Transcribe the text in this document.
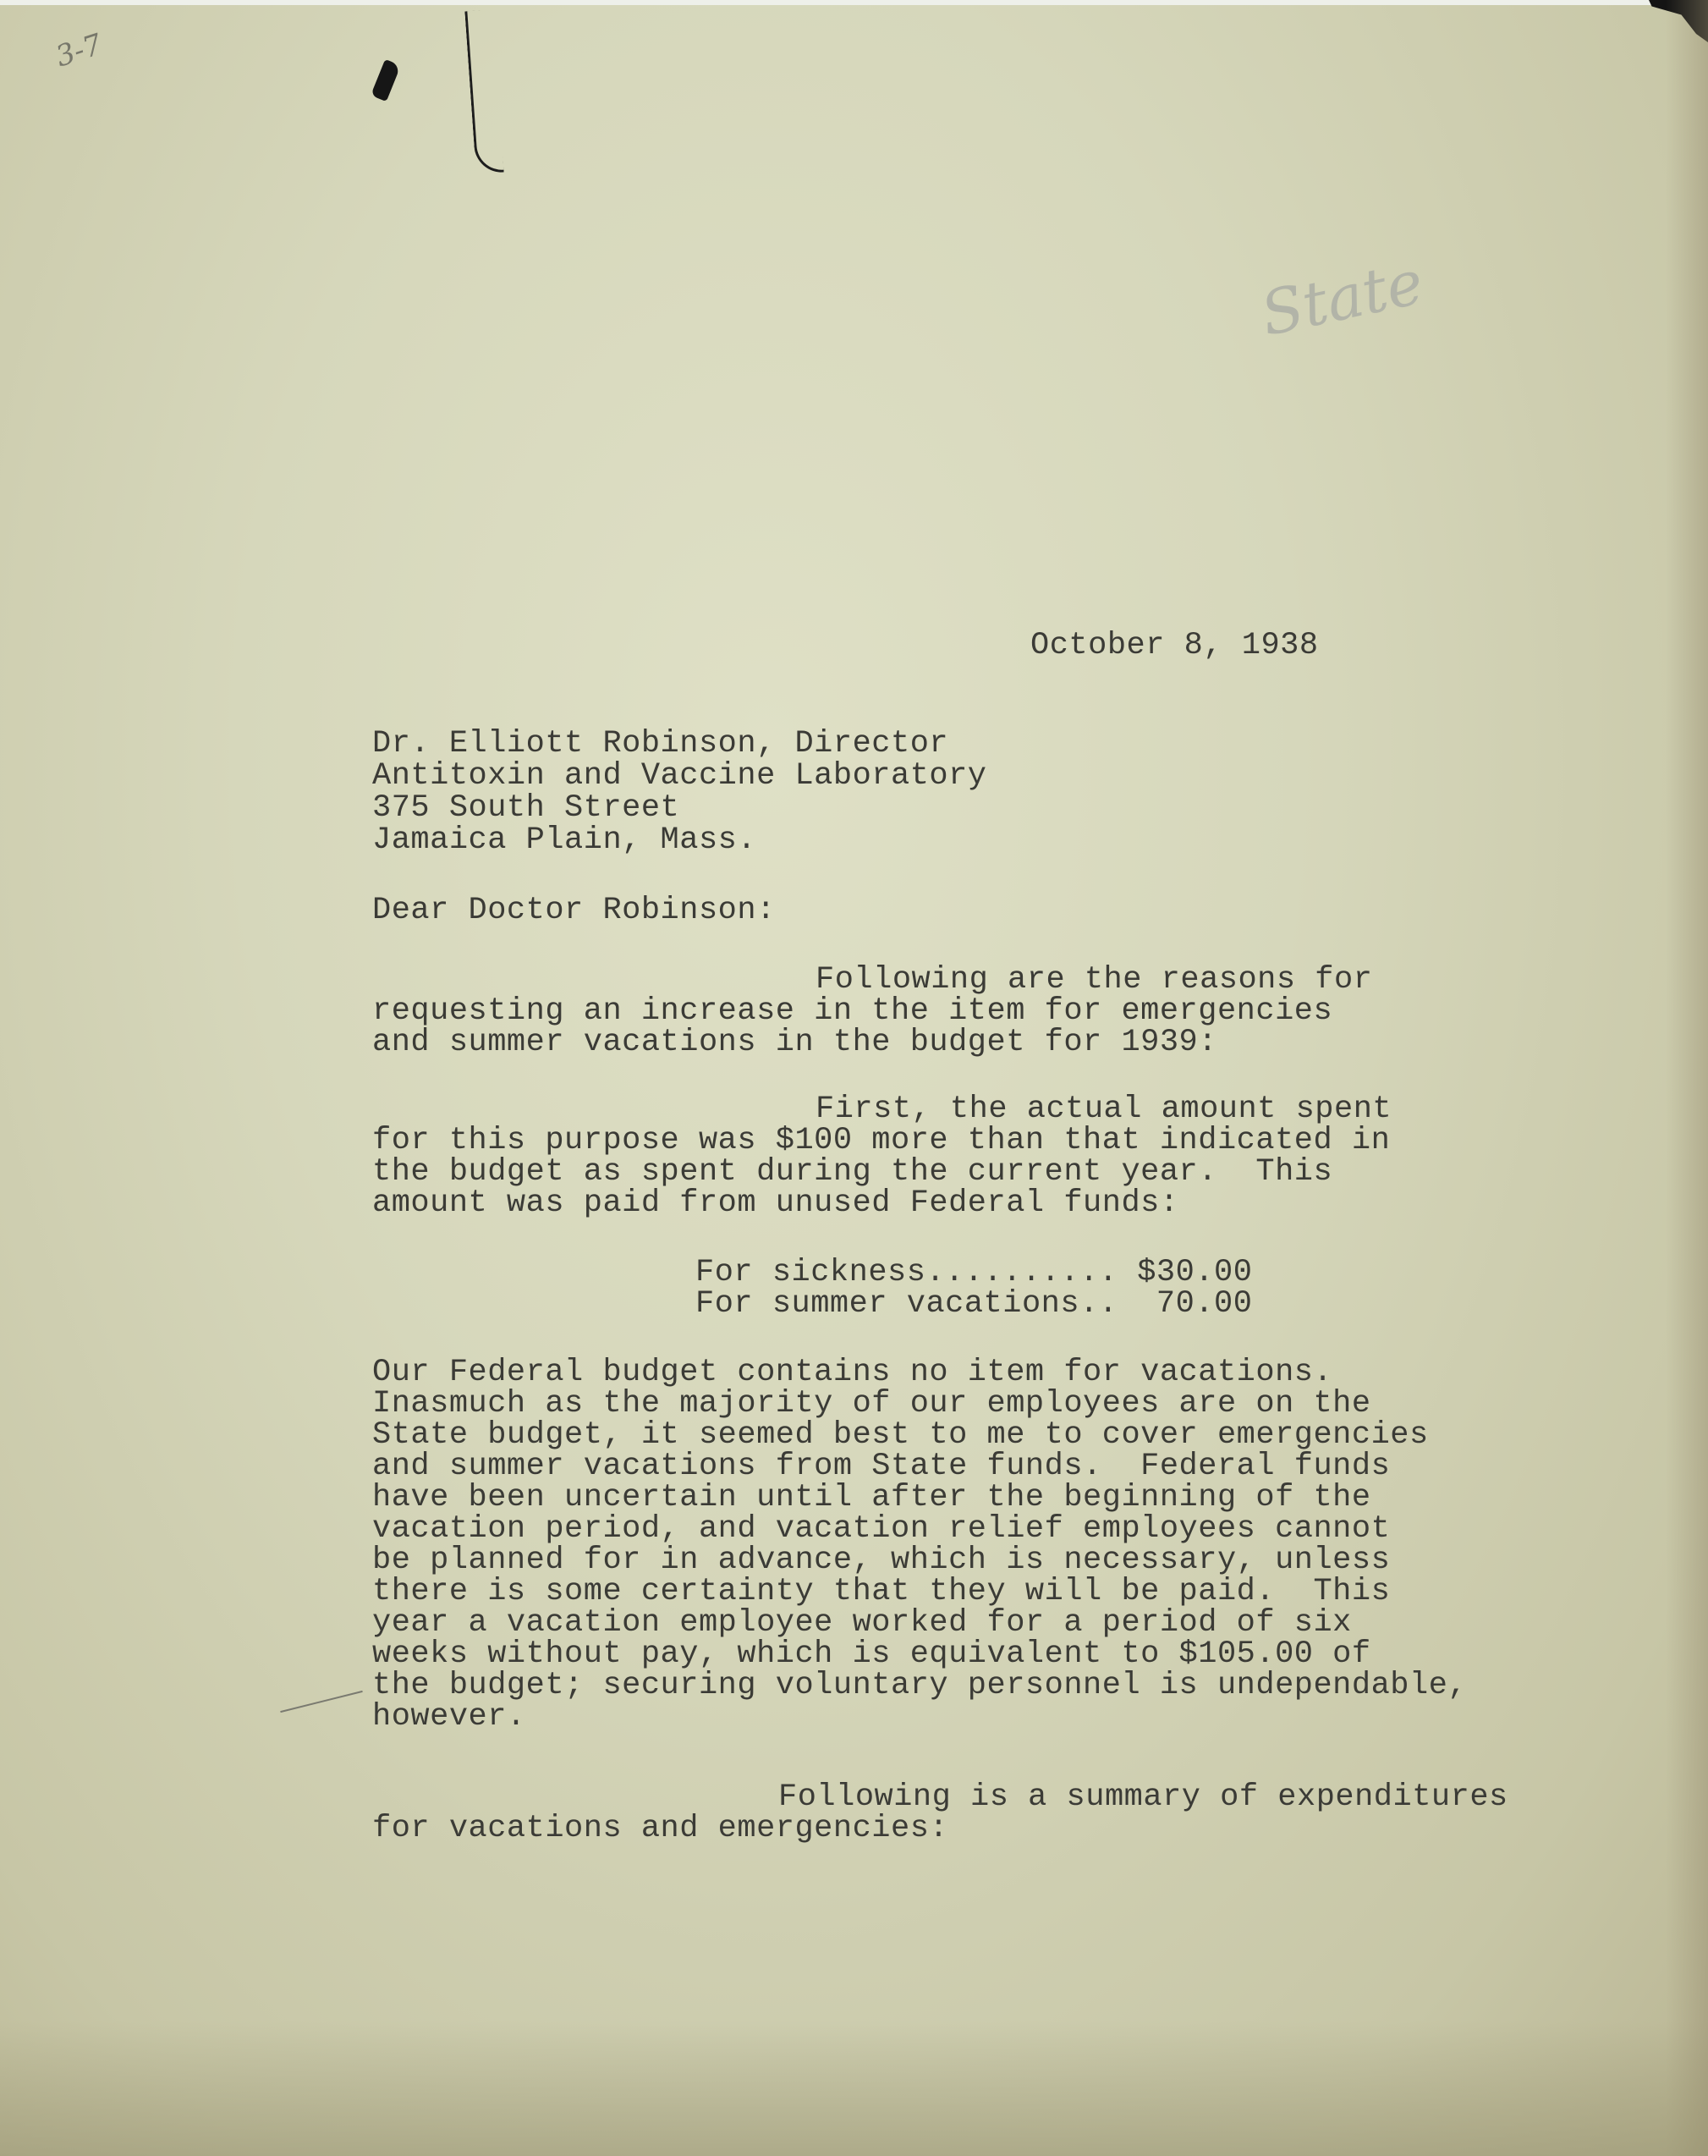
3-7
State
October 8, 1938
Dr. Elliott Robinson, Director
Antitoxin and Vaccine Laboratory
375 South Street
Jamaica Plain, Mass.
Dear Doctor Robinson:
Following are the reasons for
requesting an increase in the item for emergencies
and summer vacations in the budget for 1939:
First, the actual amount spent
for this purpose was $100 more than that indicated in
the budget as spent during the current year.  This
amount was paid from unused Federal funds:
For sickness.......... $30.00
For summer vacations.. 70.00
Our Federal budget contains no item for vacations.
Inasmuch as the majority of our employees are on the
State budget, it seemed best to me to cover emergencies
and summer vacations from State funds.  Federal funds
have been uncertain until after the beginning of the
vacation period, and vacation relief employees cannot
be planned for in advance, which is necessary, unless
there is some certainty that they will be paid.  This
year a vacation employee worked for a period of six
weeks without pay, which is equivalent to $105.00 of
the budget; securing voluntary personnel is undependable,
however.
Following is a summary of expenditures
for vacations and emergencies:
